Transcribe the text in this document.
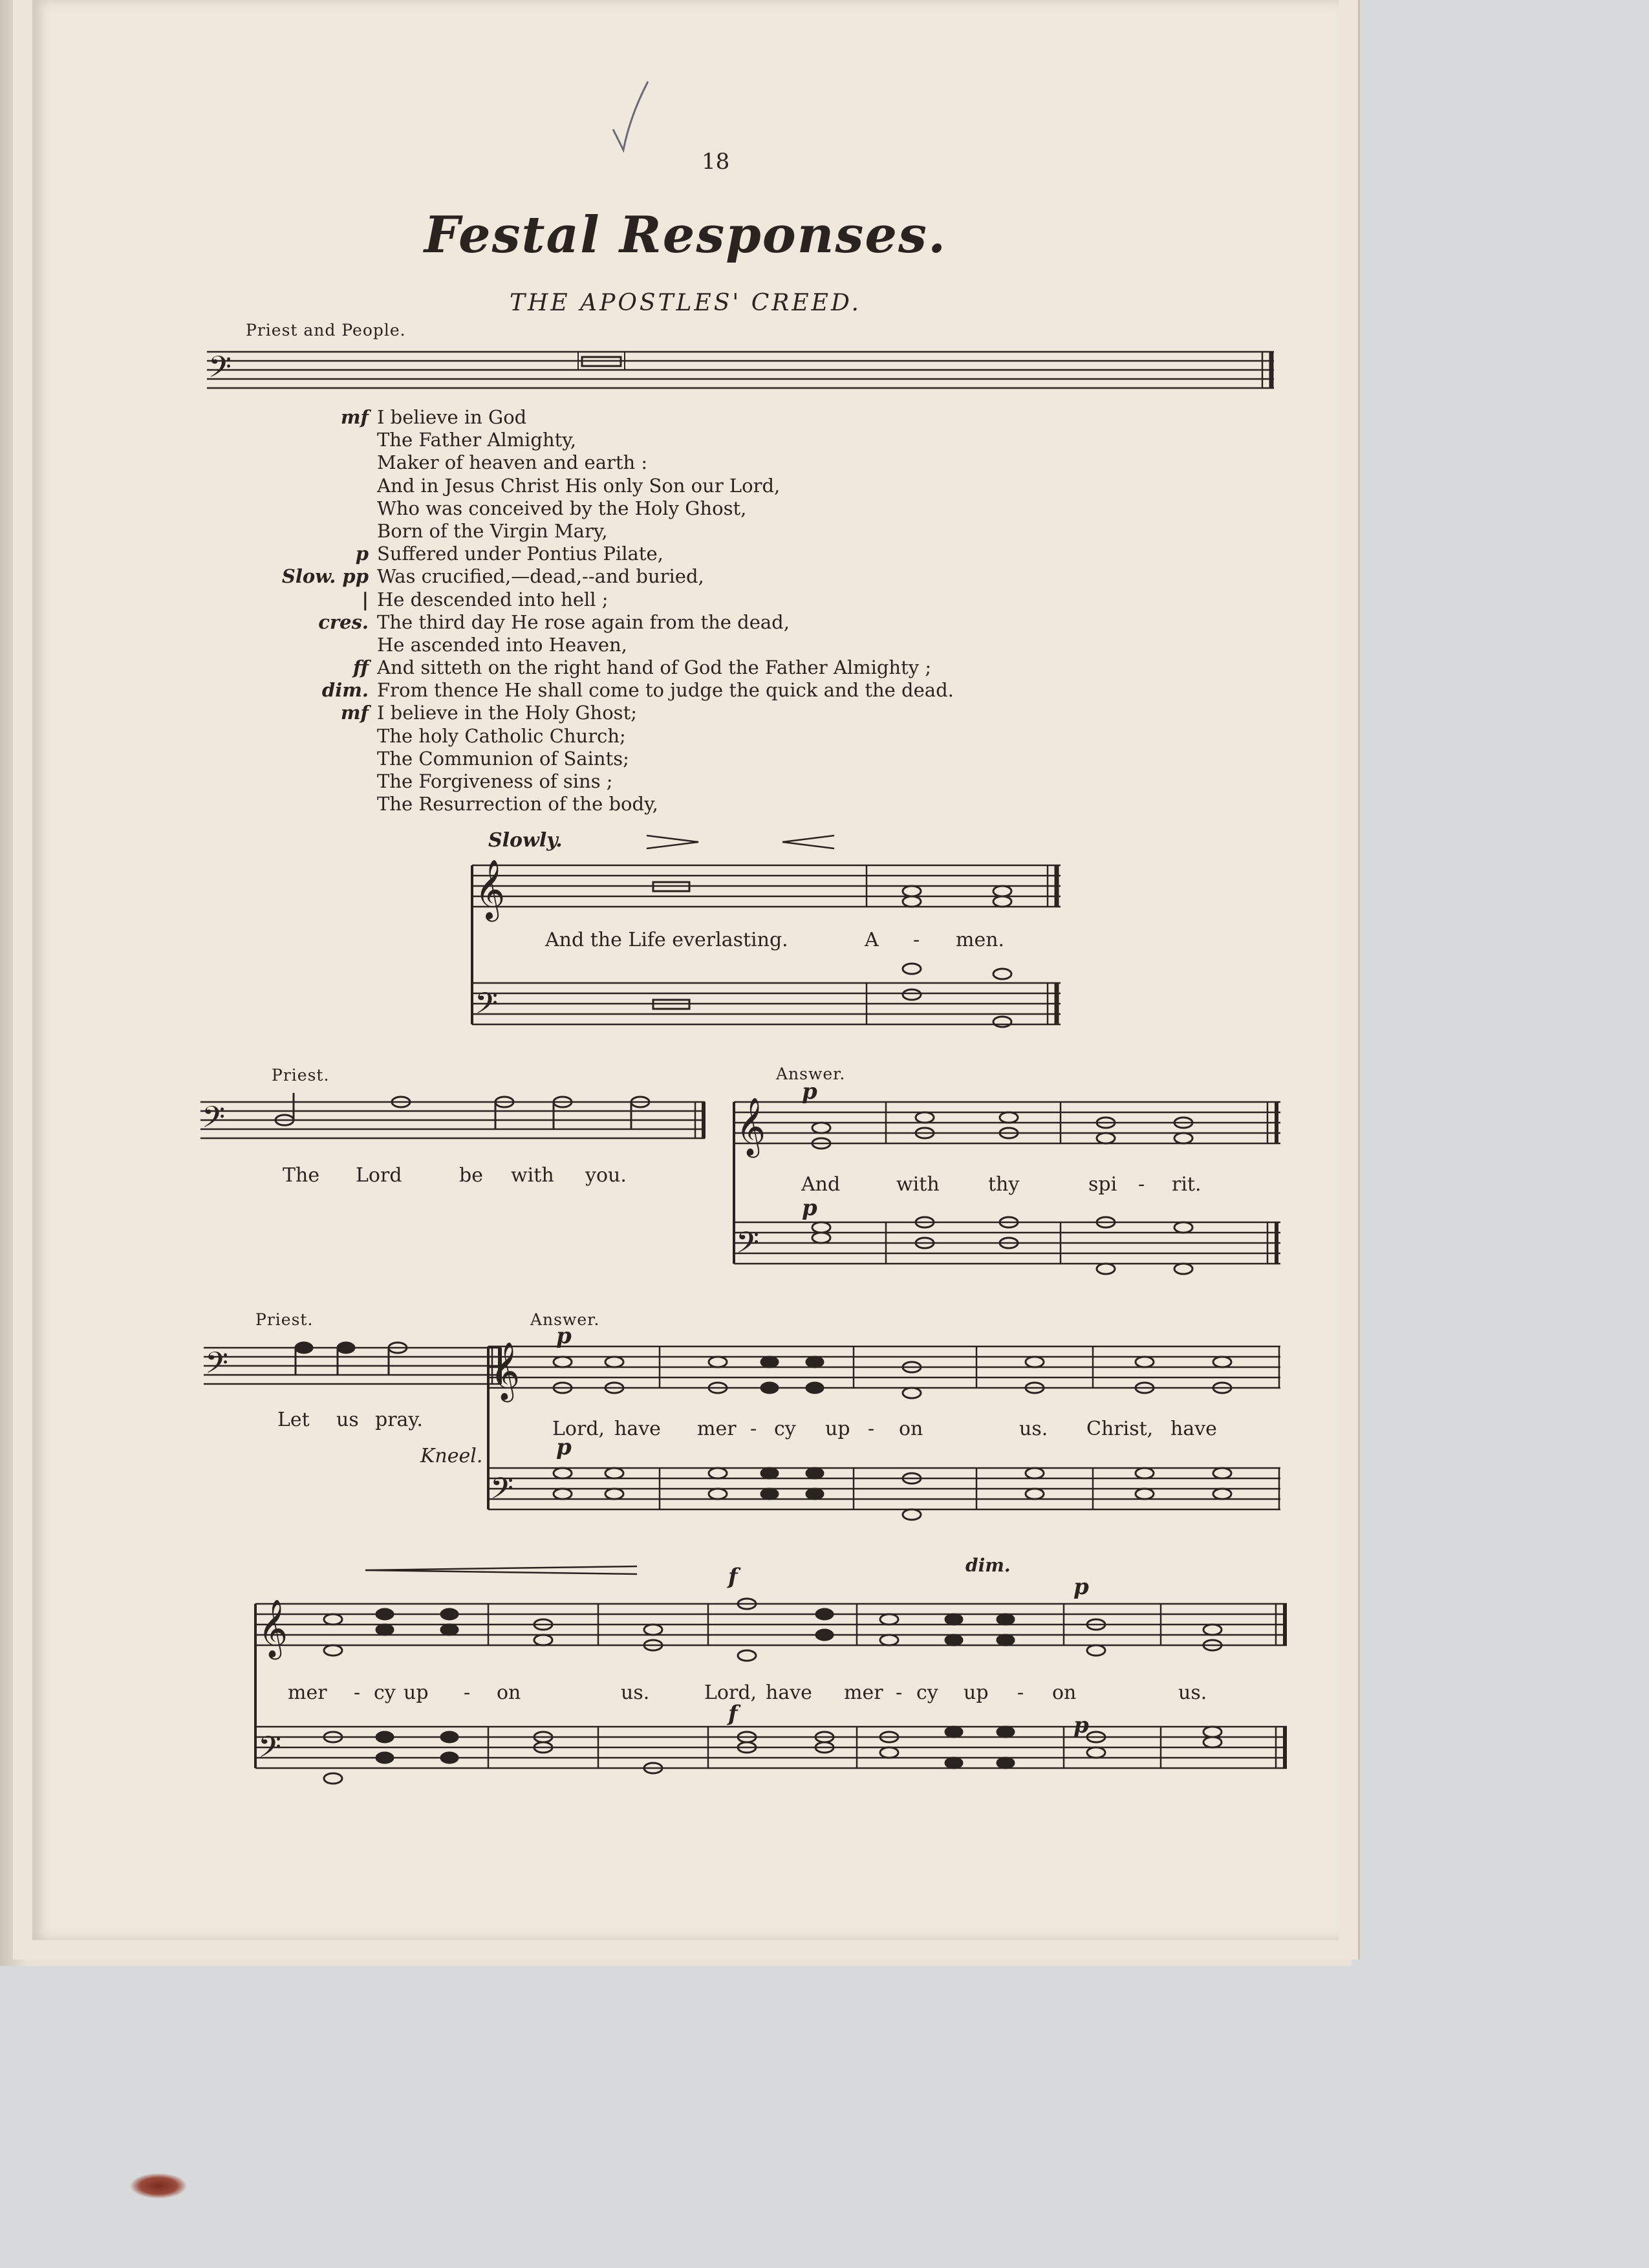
18
Festal Responses.
THE APOSTLES' CREED.
Priest and People.
𝄢
mf I believe in God
The Father Almighty,
Maker of heaven and earth :
And in Jesus Christ His only Son our Lord,
Who was conceived by the Holy Ghost,
Born of the Virgin Mary,
p Suffered under Pontius Pilate,
Slow. pp Was crucified,—dead,--and buried,
| He descended into hell ;
cres. The third day He rose again from the dead,
He ascended into Heaven,
ff And sitteth on the right hand of God the Father Almighty ;
dim. From thence He shall come to judge the quick and the dead.
mf I believe in the Holy Ghost;
The holy Catholic Church;
The Communion of Saints;
The Forgiveness of sins ;
The Resurrection of the body,
Slowly.
𝄞
𝄢
And the Life everlasting.	A - men.
Priest.
𝄢
The Lord	be with you.
Answer.
p
p
𝄞
𝄢
And	with	thy	spi - rit.
Priest.
𝄢
Let us pray.
Answer.
p
p
Kneel.
𝄞
𝄢
Lord, have mer - cy up - on	us. Christ, have
f
f
dim.
p
p
𝄞
𝄢
mer - cy up - on	us.	Lord, have mer - cy up - on	us.
